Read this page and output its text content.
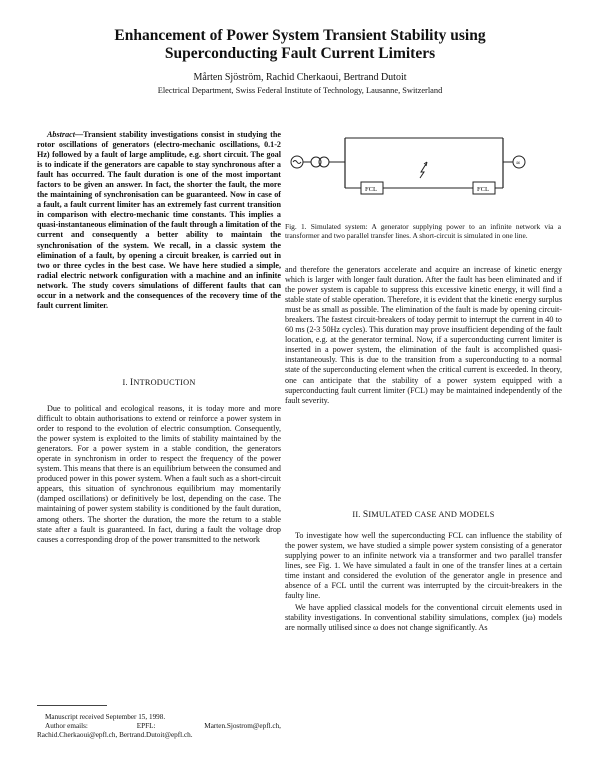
Enhancement of Power System Transient Stability using
Superconducting Fault Current Limiters
Mårten Sjöström, Rachid Cherkaoui, Bertrand Dutoit
Electrical Department, Swiss Federal Institute of Technology, Lausanne, Switzerland

Abstract—Transient stability investigations consist in studying the rotor oscillations of generators (electro-mechanic oscillations, 0.1-2 Hz) followed by a fault of large amplitude, e.g. short circuit. The goal is to indicate if the generators are capable to stay synchronous after a fault has occurred. The fault duration is one of the most important factors to be given an answer. In fact, the shorter the fault, the more the maintaining of synchronisation can be guaranteed. Now in case of a fault, a fault current limiter has an extremely fast current transition in comparison with electro-mechanic time constants. This implies a quasi-instantaneous elimination of the fault through a limitation of the current and consequently a better ability to maintain the synchronisation of the system. We recall, in a classic system the elimination of a fault, by opening a circuit breaker, is carried out in two or three cycles in the best case. We have here studied a simple, radial electric network configuration with a machine and an infinite network. The study covers simulations of different faults that can occur in a network and the consequences of the recovery time of the fault current limiter.

I. INTRODUCTION

Due to political and ecological reasons, it is today more and more difficult to obtain authorisations to extend or reinforce a power system in order to respond to the evolution of electric consumption. Consequently, the power system is exploited to the limits of stability maintained by the generators. For a power system in a stable condition, the generators operate in synchronism in order to respect the frequency of the power system. This means that there is an equilibrium between the consumed and produced power in this power system. When a fault such as a short-circuit appears, this situation of synchronous equilibrium may momentarily (damped oscillations) or definitively be lost, depending on the case. The maintaining of power system stability is conditioned by the fault duration, among others. The shorter the duration, the more the return to a stable state after a fault is guaranteed. In fact, during a fault the voltage drop causes a corresponding drop of the power transmitted to the network

Manuscript received September 15, 1998.
Author emails:	EPFL:	Marten.Sjostrom@epfl.ch,
Rachid.Cherkaoui@epfl.ch, Bertrand.Dutoit@epfl.ch.
∞
FCL	FCL
Fig. 1. Simulated system: A generator supplying power to an infinite network via a transformer and two parallel transfer lines. A short-circuit is simulated in one line.

and therefore the generators accelerate and acquire an increase of kinetic energy which is larger with longer fault duration. After the fault has been eliminated and if the power system is capable to suppress this excessive kinetic energy, it will find a stable state of stable operation. Therefore, it is evident that the kinetic energy surplus must be as small as possible. The elimination of the fault is made by opening circuit-breakers. The fastest circuit-breakers of today permit to interrupt the current in 40 to 60 ms (2-3 50Hz cycles). This duration may prove insufficient depending of the fault location, e.g. at the generator terminal. Now, if a superconducting current limiter is inserted in a power system, the elimination of the fault is accomplished quasi-instantaneously. This is due to the transition from a superconducting to a normal state of the superconducting element when the critical current is exceeded. In theory, one can anticipate that the stability of a power system equipped with a superconducting fault current limiter (FCL) may be maintained independently of the fault severity.

II. SIMULATED CASE AND MODELS

To investigate how well the superconducting FCL can influence the stability of the power system, we have studied a simple power system consisting of a generator supplying power to an infinite network via a transformer and two parallel transfer lines, see Fig. 1. We have simulated a fault in one of the transfer lines at a certain time instant and considered the evolution of the generator angle in presence and absence of a FCL until the current was interrupted by the circuit-breakers in the faulty line.

We have applied classical models for the conventional circuit elements used in stability investigations. In conventional stability simulations, complex (jω) models are normally utilised since ω does not change significantly. As
